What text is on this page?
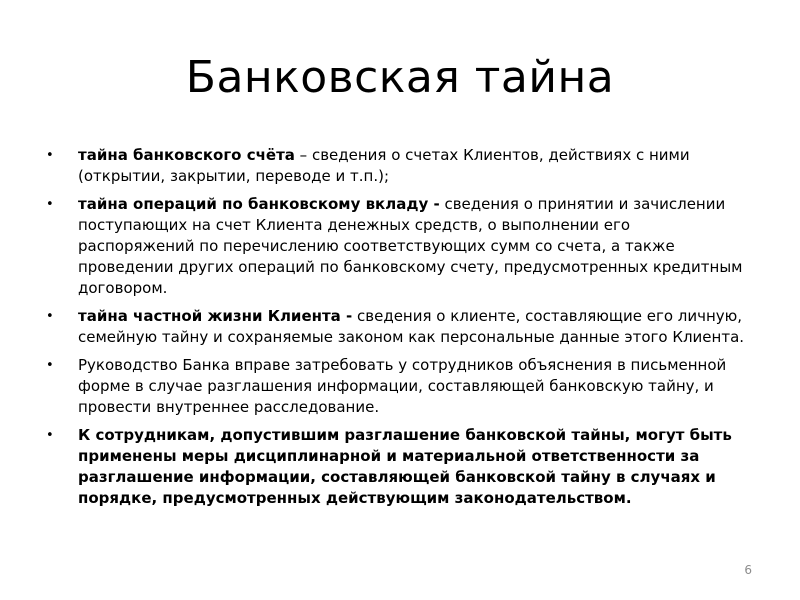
Банковская тайна
• тайна банковского счёта – сведения о счетах Клиентов, действиях с ними (открытии, закрытии, переводе и т.п.);
• тайна операций по банковскому вкладу - сведения о принятии и зачислении поступающих на счет Клиента денежных средств, о выполнении его распоряжений по перечислению соответствующих сумм со счета, а также проведении других операций по банковскому счету, предусмотренных кредитным договором.
• тайна частной жизни Клиента - сведения о клиенте, составляющие его личную, семейную тайну и сохраняемые законом как персональные данные этого Клиента.
• Руководство Банка вправе затребовать у сотрудников объяснения в письменной форме в случае разглашения информации, составляющей банковскую тайну, и провести внутреннее расследование.
• К сотрудникам, допустившим разглашение банковской тайны, могут быть применены меры дисциплинарной и материальной ответственности за разглашение информации, составляющей банковской тайну в случаях и порядке, предусмотренных действующим законодательством.
6
